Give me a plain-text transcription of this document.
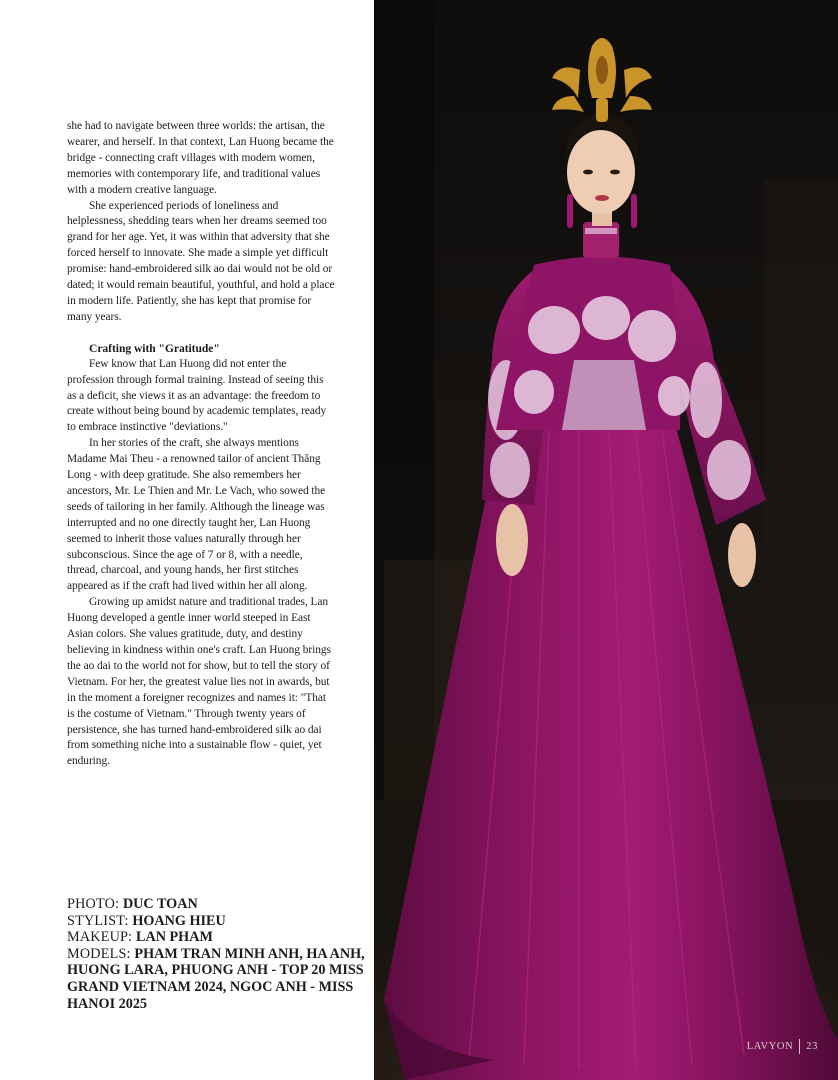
she had to navigate between three worlds: the artisan, the wearer, and herself. In that context, Lan Huong became the bridge - connecting craft villages with modern women, memories with contemporary life, and traditional values with a modern creative language.

She experienced periods of loneliness and helplessness, shedding tears when her dreams seemed too grand for her age. Yet, it was within that adversity that she forced herself to innovate. She made a simple yet difficult promise: hand-embroidered silk ao dai would not be old or dated; it would remain beautiful, youthful, and hold a place in modern life. Patiently, she has kept that promise for many years.

Crafting with "Gratitude"

Few know that Lan Huong did not enter the profession through formal training. Instead of seeing this as a deficit, she views it as an advantage: the freedom to create without being bound by academic templates, ready to embrace instinctive "deviations."

In her stories of the craft, she always mentions Madame Mai Theu - a renowned tailor of ancient Thăng Long - with deep gratitude. She also remembers her ancestors, Mr. Le Thien and Mr. Le Vach, who sowed the seeds of tailoring in her family. Although the lineage was interrupted and no one directly taught her, Lan Huong seemed to inherit those values naturally through her subconscious. Since the age of 7 or 8, with a needle, thread, charcoal, and young hands, her first stitches appeared as if the craft had lived within her all along.

Growing up amidst nature and traditional trades, Lan Huong developed a gentle inner world steeped in East Asian colors. She values gratitude, duty, and destiny believing in kindness within one's craft. Lan Huong brings the ao dai to the world not for show, but to tell the story of Vietnam. For her, the greatest value lies not in awards, but in the moment a foreigner recognizes and names it: "That is the costume of Vietnam." Through twenty years of persistence, she has turned hand-embroidered silk ao dai from something niche into a sustainable flow - quiet, yet enduring.

PHOTO: DUC TOAN
STYLIST: HOANG HIEU
MAKEUP: LAN PHAM
MODELS: PHAM TRAN MINH ANH, HA ANH, HUONG LARA, PHUONG ANH - TOP 20 MISS GRAND VIETNAM 2024, NGOC ANH - MISS HANOI 2025
LAVYON 23
